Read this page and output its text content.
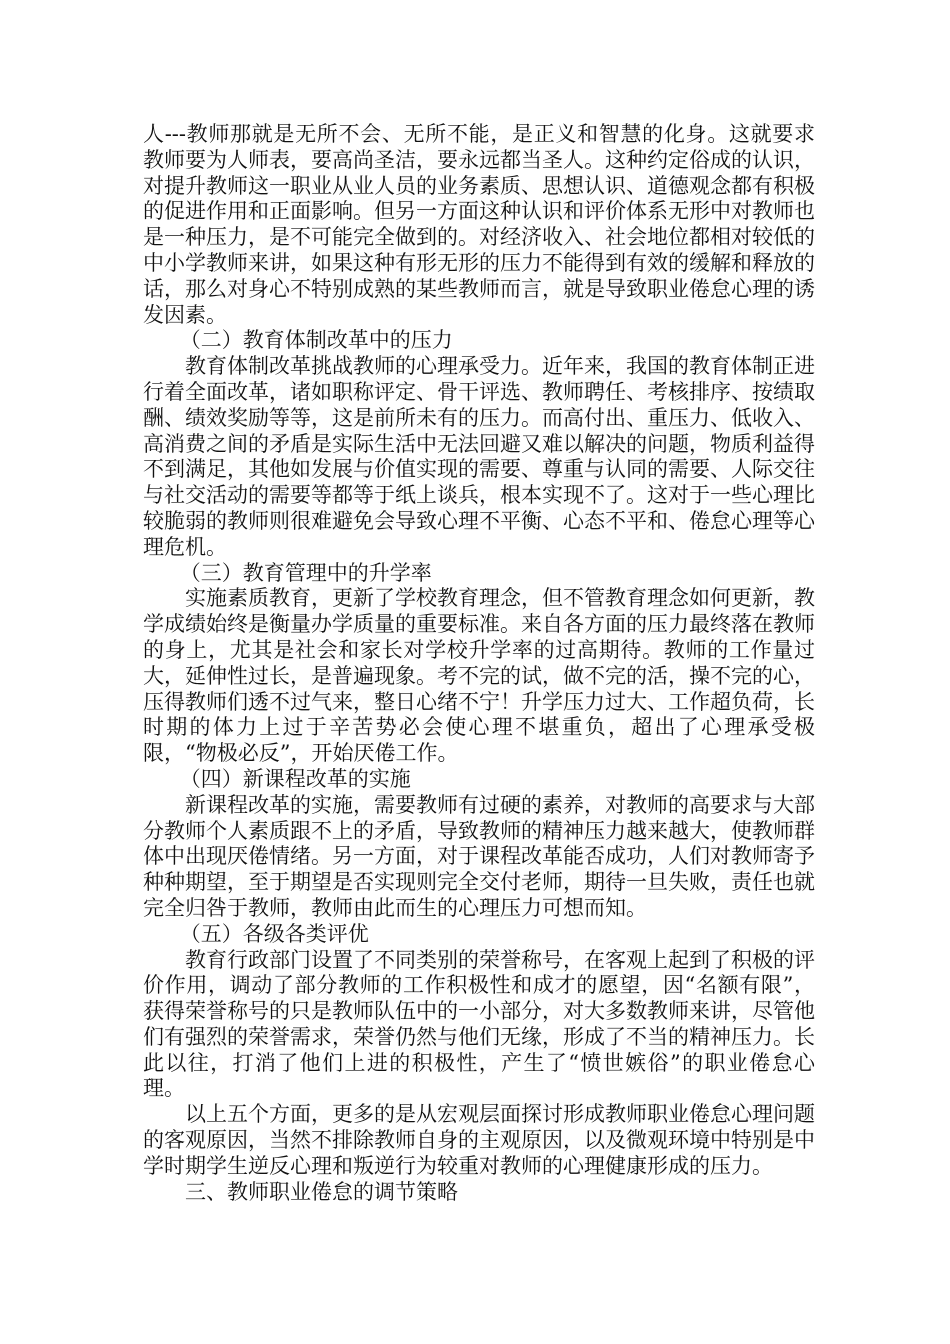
人---教师那就是无所不会、无所不能，是正义和智慧的化身。这就要求教师要为人师表，要高尚圣洁，要永远都当圣人。这种约定俗成的认识，对提升教师这一职业从业人员的业务素质、思想认识、道德观念都有积极的促进作用和正面影响。但另一方面这种认识和评价体系无形中对教师也是一种压力，是不可能完全做到的。对经济收入、社会地位都相对较低的中小学教师来讲，如果这种有形无形的压力不能得到有效的缓解和释放的话，那么对身心不特别成熟的某些教师而言，就是导致职业倦怠心理的诱发因素。

（二）教育体制改革中的压力

教育体制改革挑战教师的心理承受力。近年来，我国的教育体制正进行着全面改革，诸如职称评定、骨干评选、教师聘任、考核排序、按绩取酬、绩效奖励等等，这是前所未有的压力。而高付出、重压力、低收入、高消费之间的矛盾是实际生活中无法回避又难以解决的问题，物质利益得不到满足，其他如发展与价值实现的需要、尊重与认同的需要、人际交往与社交活动的需要等都等于纸上谈兵，根本实现不了。这对于一些心理比较脆弱的教师则很难避免会导致心理不平衡、心态不平和、倦怠心理等心理危机。

（三）教育管理中的升学率

实施素质教育，更新了学校教育理念，但不管教育理念如何更新，教学成绩始终是衡量办学质量的重要标准。来自各方面的压力最终落在教师的身上，尤其是社会和家长对学校升学率的过高期待。教师的工作量过大，延伸性过长，是普遍现象。考不完的试，做不完的活，操不完的心，压得教师们透不过气来，整日心绪不宁！升学压力过大、工作超负荷，长时期的体力上过于辛苦势必会使心理不堪重负，超出了心理承受极限，“物极必反”，开始厌倦工作。

（四）新课程改革的实施

新课程改革的实施，需要教师有过硬的素养，对教师的高要求与大部分教师个人素质跟不上的矛盾，导致教师的精神压力越来越大，使教师群体中出现厌倦情绪。另一方面，对于课程改革能否成功，人们对教师寄予种种期望，至于期望是否实现则完全交付老师，期待一旦失败，责任也就完全归咎于教师，教师由此而生的心理压力可想而知。

（五）各级各类评优

教育行政部门设置了不同类别的荣誉称号，在客观上起到了积极的评价作用，调动了部分教师的工作积极性和成才的愿望，因“名额有限”，获得荣誉称号的只是教师队伍中的一小部分，对大多数教师来讲，尽管他们有强烈的荣誉需求，荣誉仍然与他们无缘，形成了不当的精神压力。长此以往，打消了他们上进的积极性，产生了“愤世嫉俗”的职业倦怠心理。

以上五个方面，更多的是从宏观层面探讨形成教师职业倦怠心理问题的客观原因，当然不排除教师自身的主观原因，以及微观环境中特别是中学时期学生逆反心理和叛逆行为较重对教师的心理健康形成的压力。

三、教师职业倦怠的调节策略
